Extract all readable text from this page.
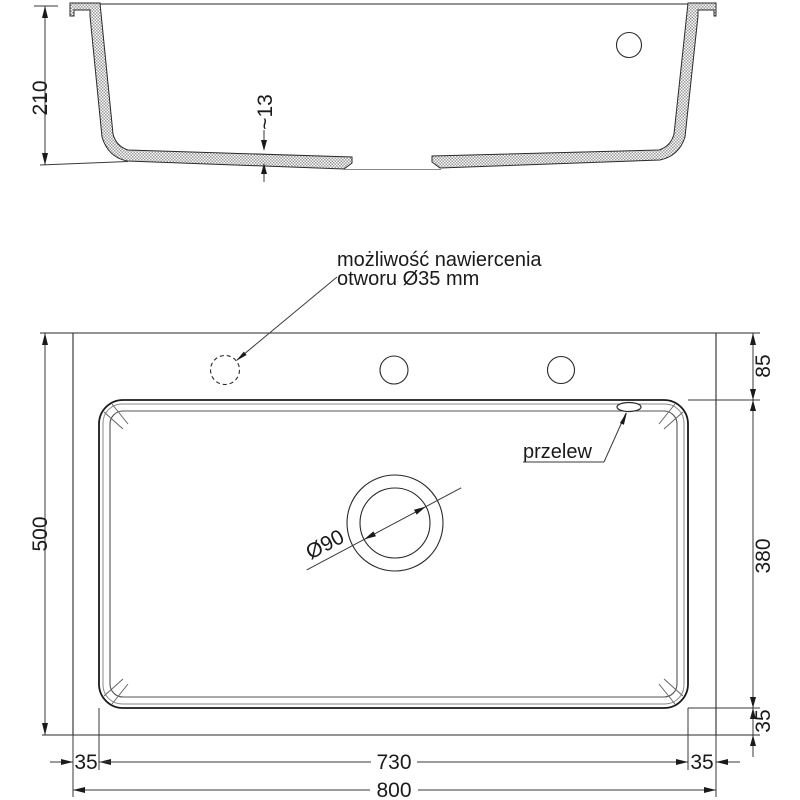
210	~13
Ø90
przelew
możliwość nawiercenia
otworu Ø35 mm
500
85
380
35
35	730	35
800
